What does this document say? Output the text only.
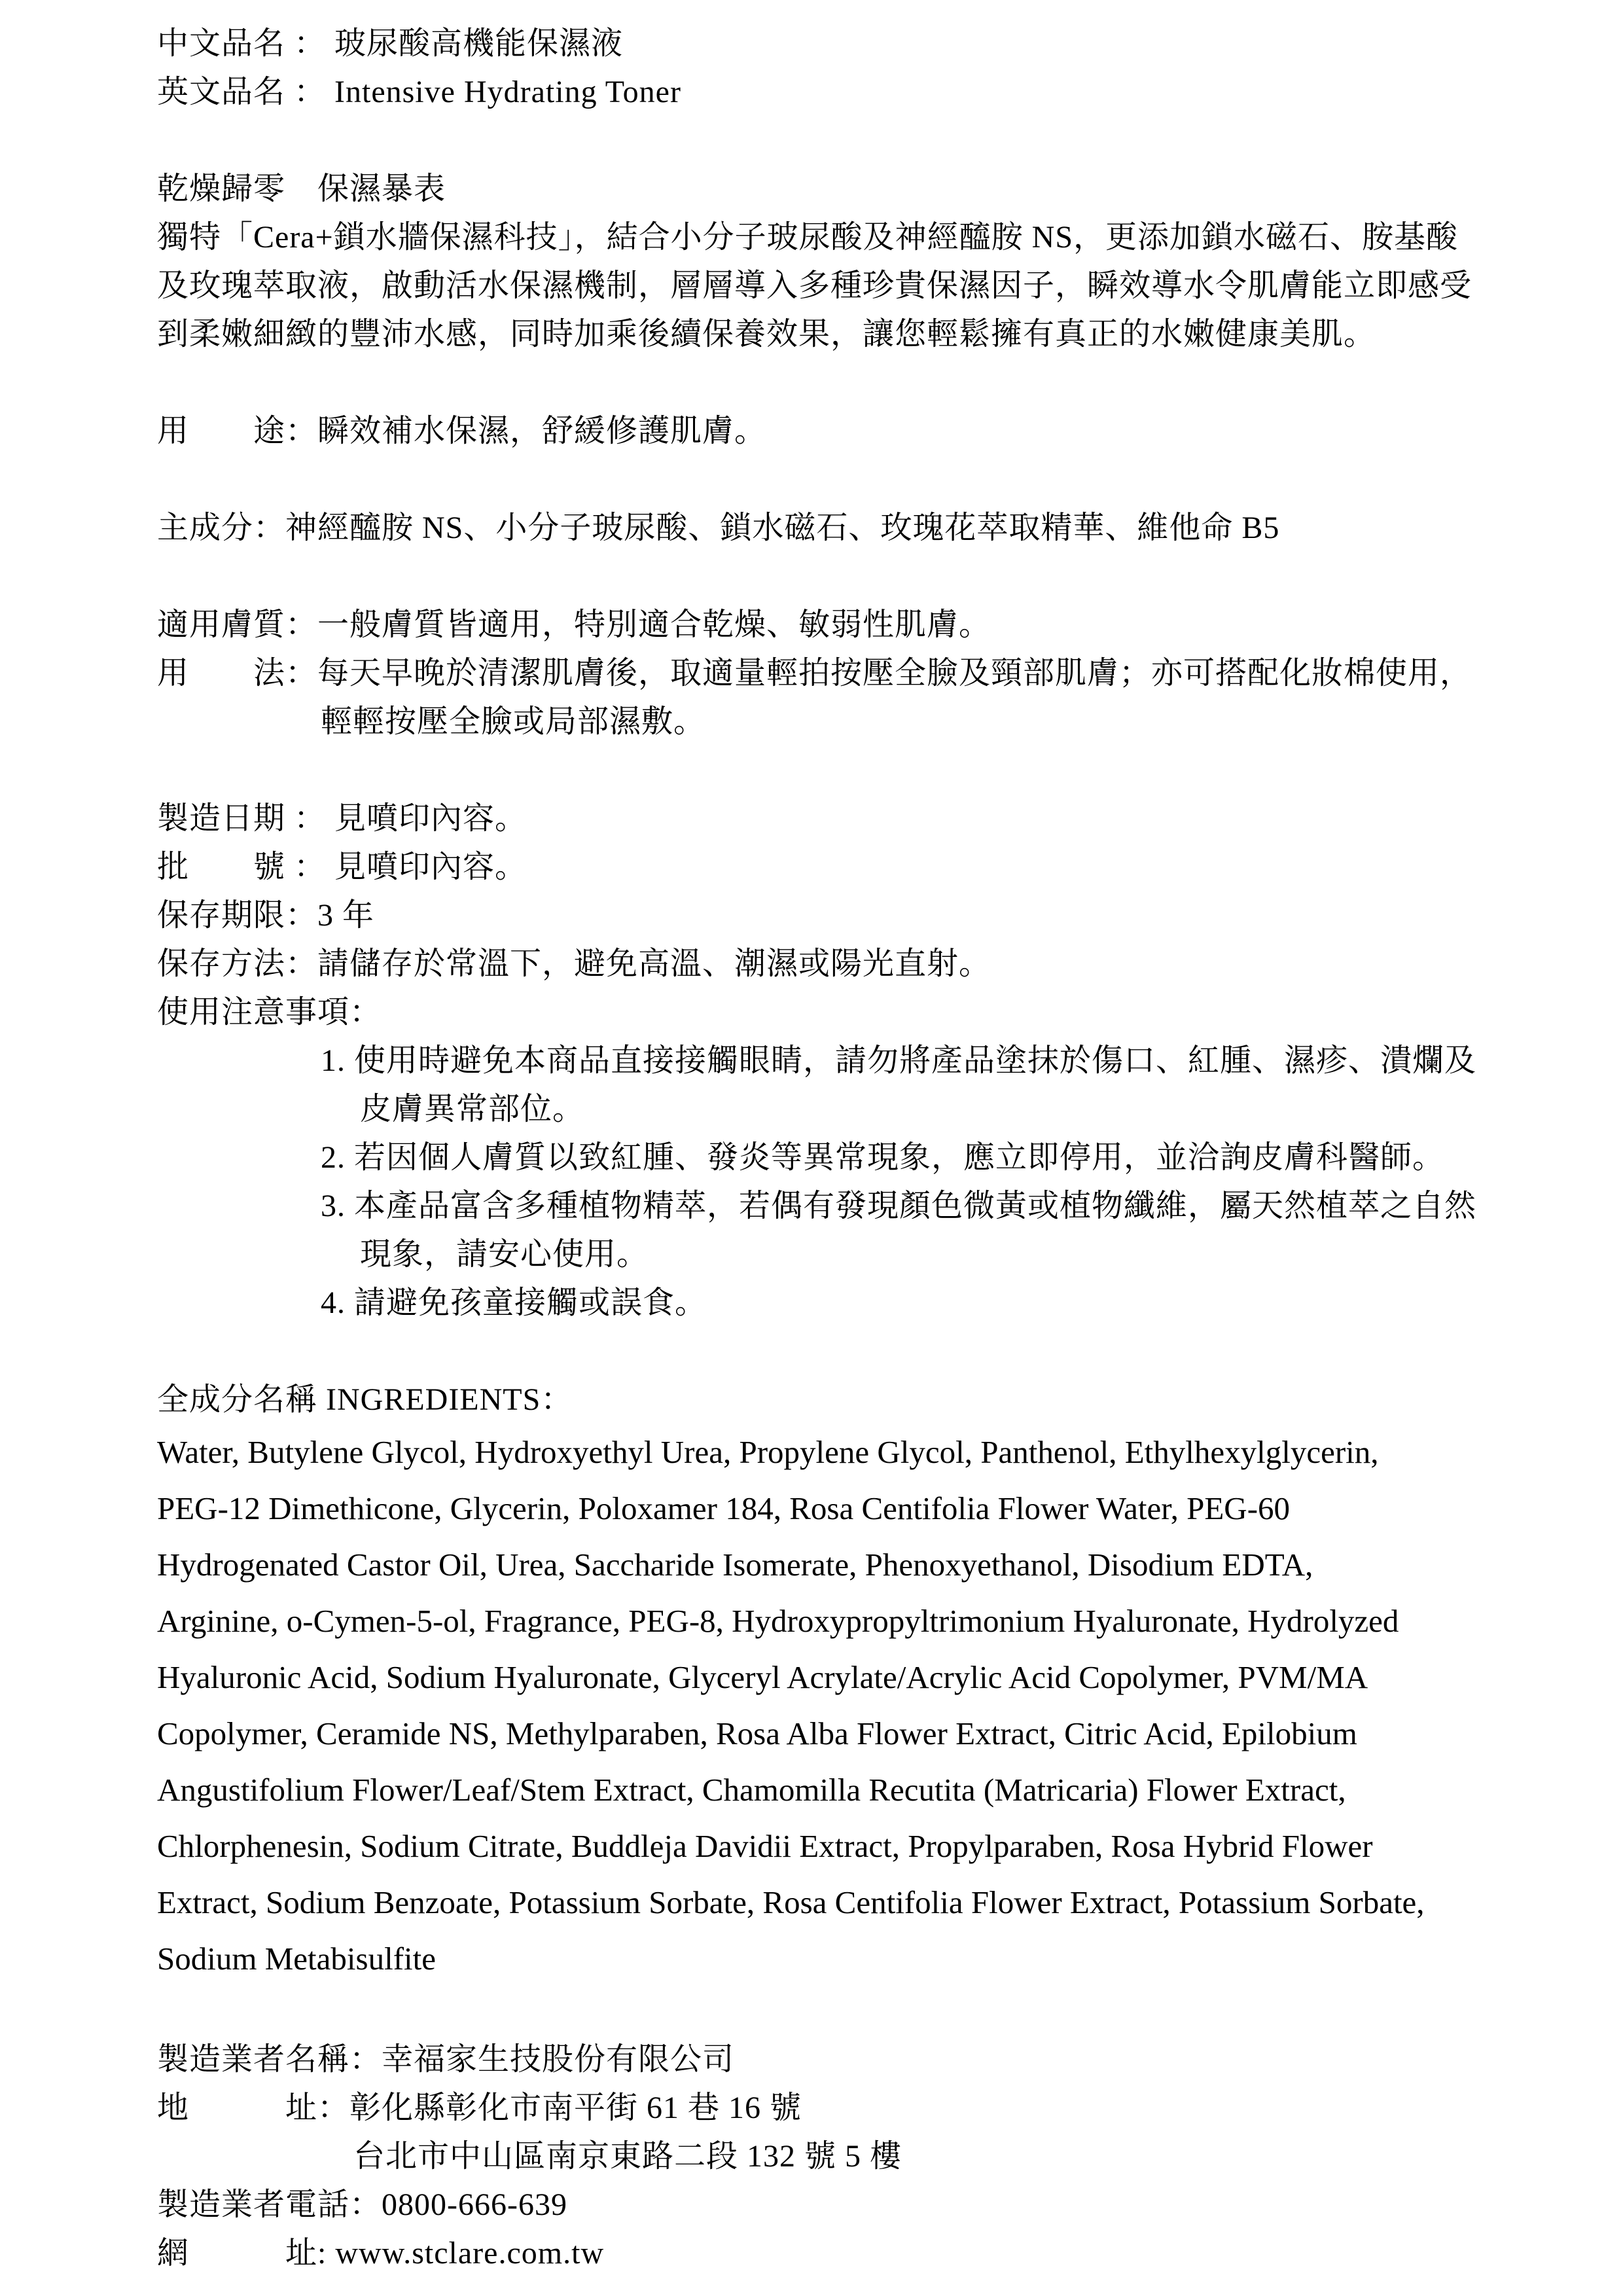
中文品名 ： 玻尿酸高機能保濕液
英文品名 ： Intensive Hydrating Toner

乾燥歸零　保濕暴表
獨特「Cera+鎖水牆保濕科技」，結合小分子玻尿酸及神經醯胺 NS，更添加鎖水磁石、胺基酸
及玫瑰萃取液，啟動活水保濕機制，層層導入多種珍貴保濕因子，瞬效導水令肌膚能立即感受
到柔嫩細緻的豐沛水感，同時加乘後續保養效果，讓您輕鬆擁有真正的水嫩健康美肌。

用　　途：瞬效補水保濕，舒緩修護肌膚。

主成分：神經醯胺 NS、小分子玻尿酸、鎖水磁石、玫瑰花萃取精華、維他命 B5

適用膚質：一般膚質皆適用，特別適合乾燥、敏弱性肌膚。
用　　法：每天早晚於清潔肌膚後，取適量輕拍按壓全臉及頸部肌膚；亦可搭配化妝棉使用，
輕輕按壓全臉或局部濕敷。

製造日期 ： 見噴印內容。
批　　號 ： 見噴印內容。
保存期限：3 年
保存方法：請儲存於常溫下，避免高溫、潮濕或陽光直射。
使用注意事項：
1. 使用時避免本商品直接接觸眼睛，請勿將產品塗抹於傷口、紅腫、濕疹、潰爛及
皮膚異常部位。
2. 若因個人膚質以致紅腫、發炎等異常現象，應立即停用，並洽詢皮膚科醫師。
3. 本產品富含多種植物精萃，若偶有發現顏色微黃或植物纖維，屬天然植萃之自然
現象，請安心使用。
4. 請避免孩童接觸或誤食。

全成分名稱 INGREDIENTS：
Water, Butylene Glycol, Hydroxyethyl Urea, Propylene Glycol, Panthenol, Ethylhexylglycerin,
PEG-12 Dimethicone, Glycerin, Poloxamer 184, Rosa Centifolia Flower Water, PEG-60
Hydrogenated Castor Oil, Urea, Saccharide Isomerate, Phenoxyethanol, Disodium EDTA,
Arginine, o-Cymen-5-ol, Fragrance, PEG-8, Hydroxypropyltrimonium Hyaluronate, Hydrolyzed
Hyaluronic Acid, Sodium Hyaluronate, Glyceryl Acrylate/Acrylic Acid Copolymer, PVM/MA
Copolymer, Ceramide NS, Methylparaben, Rosa Alba Flower Extract, Citric Acid, Epilobium
Angustifolium Flower/Leaf/Stem Extract, Chamomilla Recutita (Matricaria) Flower Extract,
Chlorphenesin, Sodium Citrate, Buddleja Davidii Extract, Propylparaben, Rosa Hybrid Flower
Extract, Sodium Benzoate, Potassium Sorbate, Rosa Centifolia Flower Extract, Potassium Sorbate,
Sodium Metabisulfite

製造業者名稱：幸福家生技股份有限公司
地　　　址：彰化縣彰化市南平街 61 巷 16 號
台北市中山區南京東路二段 132 號 5 樓
製造業者電話：0800-666-639
網　　　址: www.stclare.com.tw
